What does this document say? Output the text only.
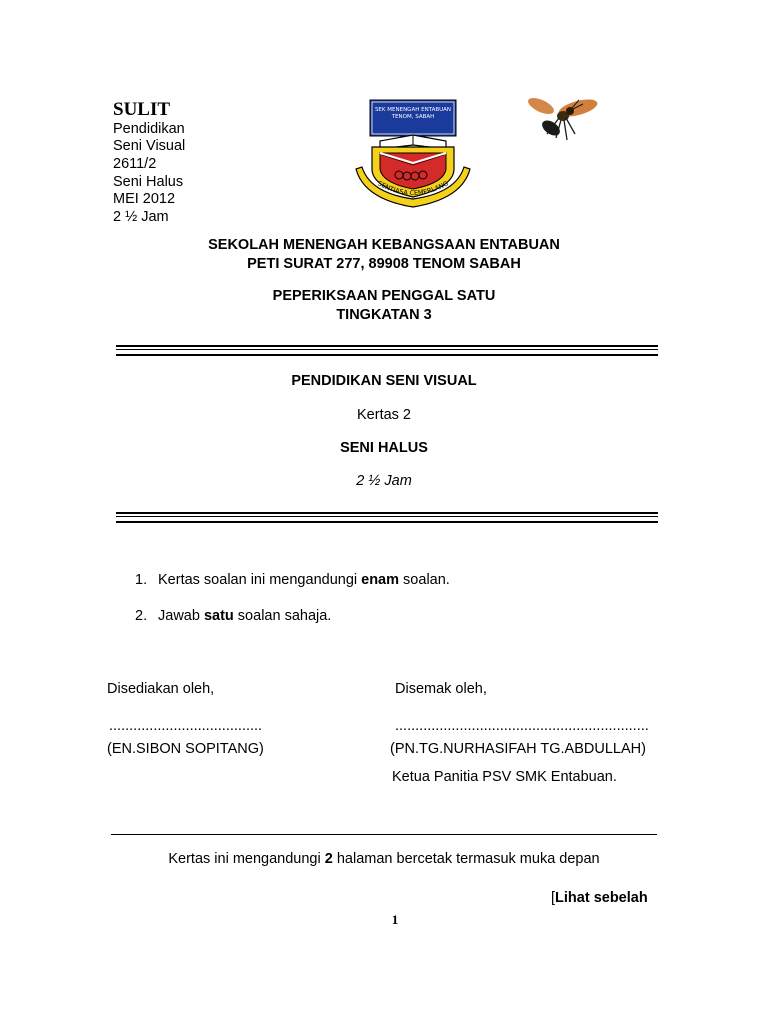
SULIT
Pendidikan
Seni Visual
2611/2
Seni Halus
MEI 2012
2 ½ Jam
SEK MENENGAH ENTABUAN
TENOM, SABAH
SENTIASA CEMERLANG
SEKOLAH MENENGAH KEBANGSAAN ENTABUAN
PETI SURAT 277, 89908 TENOM SABAH
PEPERIKSAAN PENGGAL SATU
TINGKATAN 3
PENDIDIKAN SENI VISUAL
Kertas 2
SENI HALUS
2 ½ Jam
1. Kertas soalan ini mengandungi enam soalan.
2. Jawab satu soalan sahaja.
Disediakan oleh,
......................................
(EN.SIBON SOPITANG)
Disemak oleh,
...............................................................
(PN.TG.NURHASIFAH TG.ABDULLAH)
Ketua Panitia PSV SMK Entabuan.
Kertas ini mengandungi 2 halaman bercetak termasuk muka depan
[Lihat sebelah
1
